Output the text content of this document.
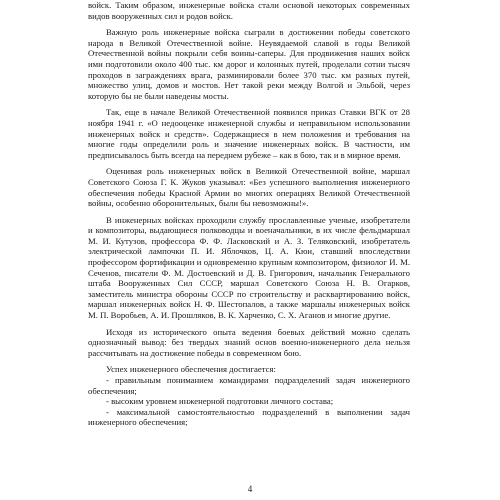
войск. Таким образом, инженерные войска стали основой некоторых современных видов вооруженных сил и родов войск.

Важную роль инженерные войска сыграли в достижении победы советского народа в Великой Отечественной войне. Неувядаемой славой в годы Великой Отечественной войны покрыли себя воины-саперы. Для продвижения наших войск ими подготовили около 400 тыс. км дорог и колонных путей, проделали сотни тысяч проходов в заграждениях врага, разминировали более 370 тыс. км разных путей, множество улиц, домов и мостов. Нет такой реки между Волгой и Эльбой, через которую бы не были наведены мосты.

Так, еще в начале Великой Отечественной появился приказ Ставки ВГК от 28 ноября 1941 г. «О недооценке инженерной службы и неправильном использовании инженерных войск и средств». Содержащиеся в нем положения и требования на многие годы определили роль и значение инженерных войск. В частности, им предписывалось быть всегда на переднем рубеже – как в бою, так и в мирное время.

Оценивая роль инженерных войск в Великой Отечественной войне, маршал Советского Союза Г. К. Жуков указывал: «Без успешного выполнения инженерного обеспечения победы Красной Армии во многих операциях Великой Отечественной войны, особенно оборонительных, были бы невозможны!».

В инженерных войсках проходили службу прославленные ученые, изобретатели и композиторы, выдающиеся полководцы и военачальники, в их числе фельдмаршал М. И. Кутузов, профессора Ф. Ф. Ласковский и А. З. Теляковский, изобретатель электрической лампочки П. И. Яблочков, Ц. А. Кюи, ставший впоследствии профессором фортификации и одновременно крупным композитором, физиолог И. М. Сеченов, писатели Ф. М. Достоевский и Д. В. Григорович, начальник Генерального штаба Вооруженных Сил СССР, маршал Советского Союза Н. В. Огарков, заместитель министра обороны СССР по строительству и расквартированию войск, маршал инженерных войск Н. Ф. Шестопалов, а также маршалы инженерных войск М. П. Воробьев, А. И. Прошляков, В. К. Харченко, С. Х. Аганов и многие другие.

Исходя из исторического опыта ведения боевых действий можно сделать однозначный вывод: без твердых знаний основ военно-инженерного дела нельзя рассчитывать на достижение победы в современном бою.

Успех инженерного обеспечения достигается:

- правильным пониманием командирами подразделений задач инженерного обеспечения;

- высоким уровнем инженерной подготовки личного состава;

- максимальной самостоятельностью подразделений в выполнении задач инженерного обеспечения;

4
